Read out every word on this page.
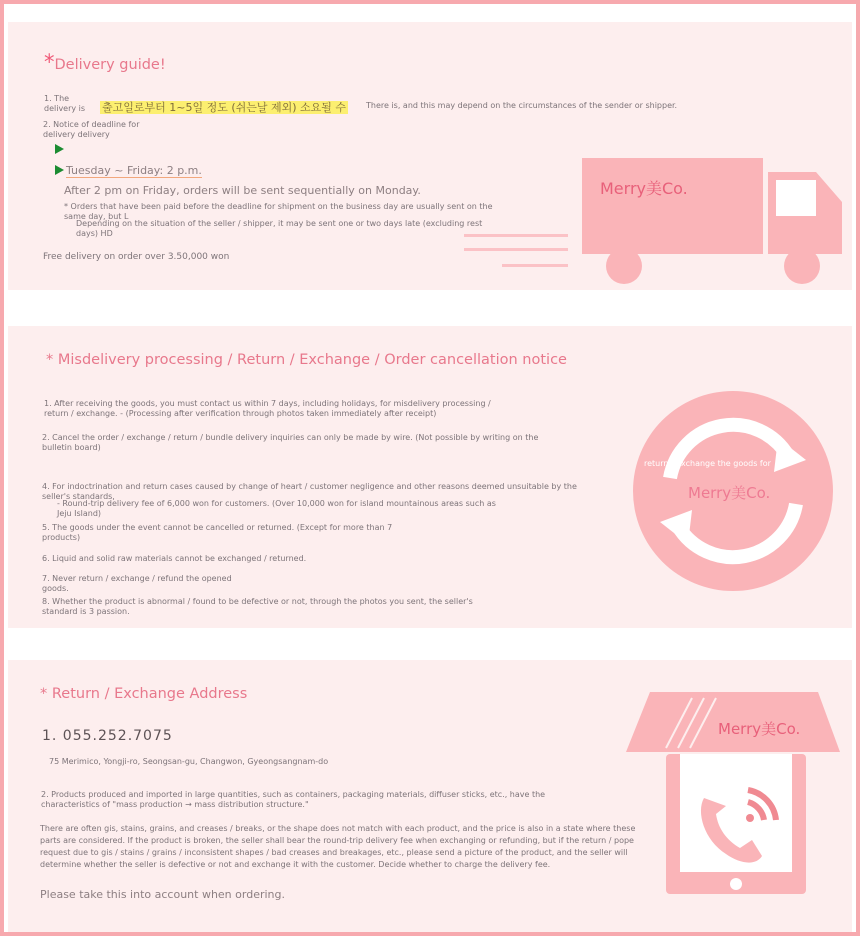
*Delivery guide!
1. The delivery is	출고일로부터 1~5일 정도 (쉬는날 제외) 소요될 수 There is, and this may depend on the circumstances of the sender or shipper.
2. Notice of deadline for delivery delivery
Tuesday ~ Friday: 2 p.m.
After 2 pm on Friday, orders will be sent sequentially on Monday.
* Orders that have been paid before the deadline for shipment on the business day are usually sent on the same day, but L
Depending on the situation of the seller / shipper, it may be sent one or two days late (excluding rest days) HD
Free delivery on order over 3.50,000 won
Merry美Co.
* Misdelivery processing / Return / Exchange / Order cancellation notice
1. After receiving the goods, you must contact us within 7 days, including holidays, for misdelivery processing / return / exchange. - (Processing after verification through photos taken immediately after receipt)
2. Cancel the order / exchange / return / bundle delivery inquiries can only be made by wire. (Not possible by writing on the bulletin board)
4. For indoctrination and return cases caused by change of heart / customer negligence and other reasons deemed unsuitable by the seller's standards,
- Round-trip delivery fee of 6,000 won for customers. (Over 10,000 won for island mountainous areas such as Jeju Island)
5. The goods under the event cannot be cancelled or returned. (Except for more than 7 products)
6. Liquid and solid raw materials cannot be exchanged / returned.
7. Never return / exchange / refund the opened goods.
8. Whether the product is abnormal / found to be defective or not, through the photos you sent, the seller's standard is 3 passion.
return / exchange the goods for
Merry美Co.
* Return / Exchange Address
1. 055.252.7075
75 Merimico, Yongji-ro, Seongsan-gu, Changwon, Gyeongsangnam-do
2. Products produced and imported in large quantities, such as containers, packaging materials, diffuser sticks, etc., have the characteristics of "mass production → mass distribution structure."
There are often gis, stains, grains, and creases / breaks, or the shape does not match with each product, and the price is also in a state where these parts are considered. If the product is broken, the seller shall bear the round-trip delivery fee when exchanging or refunding, but if the return / pope request due to gis / stains / grains / inconsistent shapes / bad creases and breakages, etc., please send a picture of the product, and the seller will determine whether the seller is defective or not and exchange it with the customer. Decide whether to charge the delivery fee.
Please take this into account when ordering.
Merry美Co.
